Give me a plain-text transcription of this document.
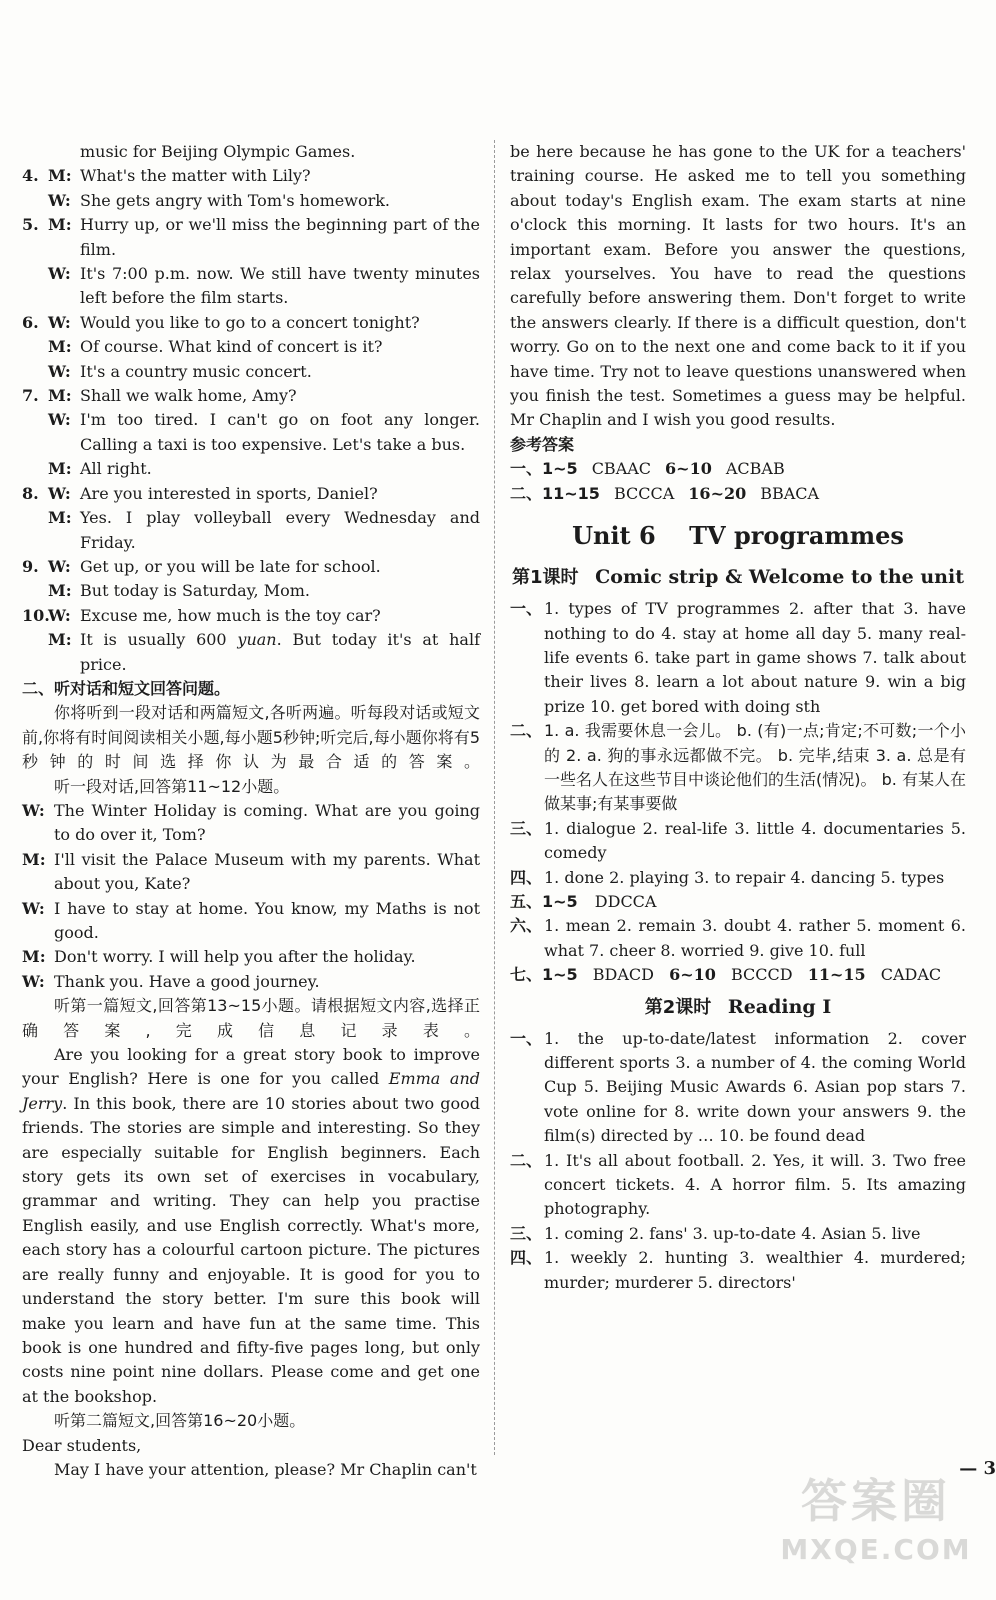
music for Beijing Olympic Games.
4. M: What's the matter with Lily?
W: She gets angry with Tom's homework.
5. M: Hurry up, or we'll miss the beginning part of the film.
W: It's 7:00 p.m. now. We still have twenty minutes left before the film starts.
6. W: Would you like to go to a concert tonight?
M: Of course. What kind of concert is it?
W: It's a country music concert.
7. M: Shall we walk home, Amy?
W: I'm too tired. I can't go on foot any longer. Calling a taxi is too expensive. Let's take a bus.
M: All right.
8. W: Are you interested in sports, Daniel?
M: Yes. I play volleyball every Wednesday and Friday.
9. W: Get up, or you will be late for school.
M: But today is Saturday, Mom.
10.W: Excuse me, how much is the toy car?
M: It is usually 600 yuan. But today it's at half price.
二、听对话和短文回答问题。
你将听到一段对话和两篇短文,各听两遍。听每段对话或短文前,你将有时间阅读相关小题,每小题5秒钟;听完后,每小题你将有5秒钟的时间选择你认为最合适的答案。
听一段对话,回答第11~12小题。
W: The Winter Holiday is coming. What are you going to do over it, Tom?
M: I'll visit the Palace Museum with my parents. What about you, Kate?
W: I have to stay at home. You know, my Maths is not good.
M: Don't worry. I will help you after the holiday.
W: Thank you. Have a good journey.
听第一篇短文,回答第13~15小题。请根据短文内容,选择正确答案,完成信息记录表。
Are you looking for a great story book to improve your English? Here is one for you called Emma and Jerry. In this book, there are 10 stories about two good friends. The stories are simple and interesting. So they are especially suitable for English beginners. Each story gets its own set of exercises in vocabulary, grammar and writing. They can help you practise English easily, and use English correctly. What's more, each story has a colourful cartoon picture. The pictures are really funny and enjoyable. It is good for you to understand the story better. I'm sure this book will make you learn and have fun at the same time. This book is one hundred and fifty-five pages long, but only costs nine point nine dollars. Please come and get one at the bookshop.
听第二篇短文,回答第16~20小题。
Dear students,
May I have your attention, please? Mr Chaplin can't
be here because he has gone to the UK for a teachers' training course. He asked me to tell you something about today's English exam. The exam starts at nine o'clock this morning. It lasts for two hours. It's an important exam. Before you answer the questions, relax yourselves. You have to read the questions carefully before answering them. Don't forget to write the answers clearly. If there is a difficult question, don't worry. Go on to the next one and come back to it if you have time. Try not to leave questions unanswered when you finish the test. Sometimes a guess may be helpful. Mr Chaplin and I wish you good results.
参考答案
一、1~5 CBAAC 6~10 ACBAB
二、11~15 BCCCA 16~20 BBACA
Unit 6    TV programmes
第1课时 Comic strip & Welcome to the unit
一、 1. types of TV programmes 2. after that 3. have nothing to do 4. stay at home all day 5. many real-life events 6. take part in game shows 7. talk about their lives 8. learn a lot about nature 9. win a big prize 10. get bored with doing sth
二、 1. a. 我需要休息一会儿。 b. (有)一点;肯定;不可数;一个小的 2. a. 狗的事永远都做不完。 b. 完毕,结束 3. a. 总是有一些名人在这些节目中谈论他们的生活(情况)。 b. 有某人在做某事;有某事要做
三、 1. dialogue 2. real-life 3. little 4. documentaries 5. comedy
四、 1. done 2. playing 3. to repair 4. dancing 5. types
五、1~5 DDCCA
六、 1. mean 2. remain 3. doubt 4. rather 5. moment 6. what 7. cheer 8. worried 9. give 10. full
七、1~5 BDACD 6~10 BCCCD 11~15 CADAC
第2课时 Reading Ⅰ
一、 1. the up-to-date/latest information 2. cover different sports 3. a number of 4. the coming World Cup 5. Beijing Music Awards 6. Asian pop stars 7. vote online for 8. write down your answers 9. the film(s) directed by … 10. be found dead
二、 1. It's all about football. 2. Yes, it will. 3. Two free concert tickets. 4. A horror film. 5. Its amazing photography.
三、 1. coming 2. fans' 3. up-to-date 4. Asian 5. live
四、 1. weekly 2. hunting 3. wealthier 4. murdered; murder; murderer 5. directors'
— 3
答案圈
MXQE.COM
